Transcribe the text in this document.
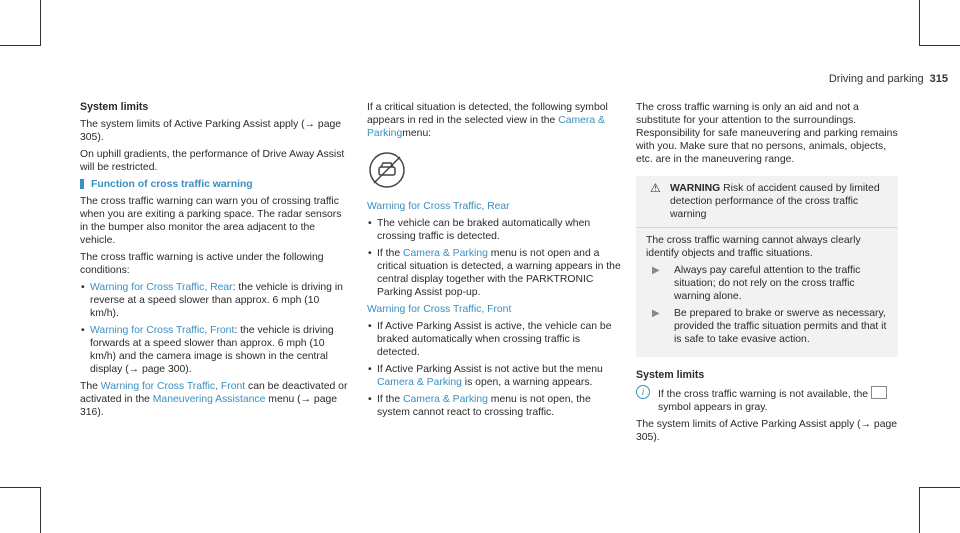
Driving and parking 315

System limits

The system limits of Active Parking Assist apply (→ page 305).

On uphill gradients, the performance of Drive Away Assist will be restricted.

Function of cross traffic warning

The cross traffic warning can warn you of crossing traffic when you are exiting a parking space. The radar sensors in the bumper also monitor the area adjacent to the vehicle.

The cross traffic warning is active under the following conditions:

• Warning for Cross Traffic, Rear: the vehicle is driving in reverse at a speed slower than approx. 6 mph (10 km/h).
• Warning for Cross Traffic, Front: the vehicle is driving forwards at a speed slower than approx. 6 mph (10 km/h) and the camera image is shown in the central display (→ page 300).

The Warning for Cross Traffic, Front can be deactivated or activated in the Maneuvering Assistance menu (→ page 316).

If a critical situation is detected, the following symbol appears in red in the selected view in the Camera & Parkingmenu:

Warning for Cross Traffic, Rear

• The vehicle can be braked automatically when crossing traffic is detected.
• If the Camera & Parking menu is not open and a critical situation is detected, a warning appears in the central display together with the PARKTRONIC Parking Assist pop-up.

Warning for Cross Traffic, Front

• If Active Parking Assist is active, the vehicle can be braked automatically when crossing traffic is detected.
• If Active Parking Assist is not active but the menu Camera & Parking is open, a warning appears.
• If the Camera & Parking menu is not open, the system cannot react to crossing traffic.

The cross traffic warning is only an aid and not a substitute for your attention to the surroundings. Responsibility for safe maneuvering and parking remains with you. Make sure that no persons, animals, objects, etc. are in the maneuvering range.

⚠ WARNING Risk of accident caused by limited detection performance of the cross traffic warning

The cross traffic warning cannot always clearly identify objects and traffic situations.

▶ Always pay careful attention to the traffic situation; do not rely on the cross traffic warning alone.

▶ Be prepared to brake or swerve as necessary, provided the traffic situation permits and that it is safe to take evasive action.

System limits

i	If the cross traffic warning is not available, the  symbol appears in gray.

The system limits of Active Parking Assist apply (→ page 305).
